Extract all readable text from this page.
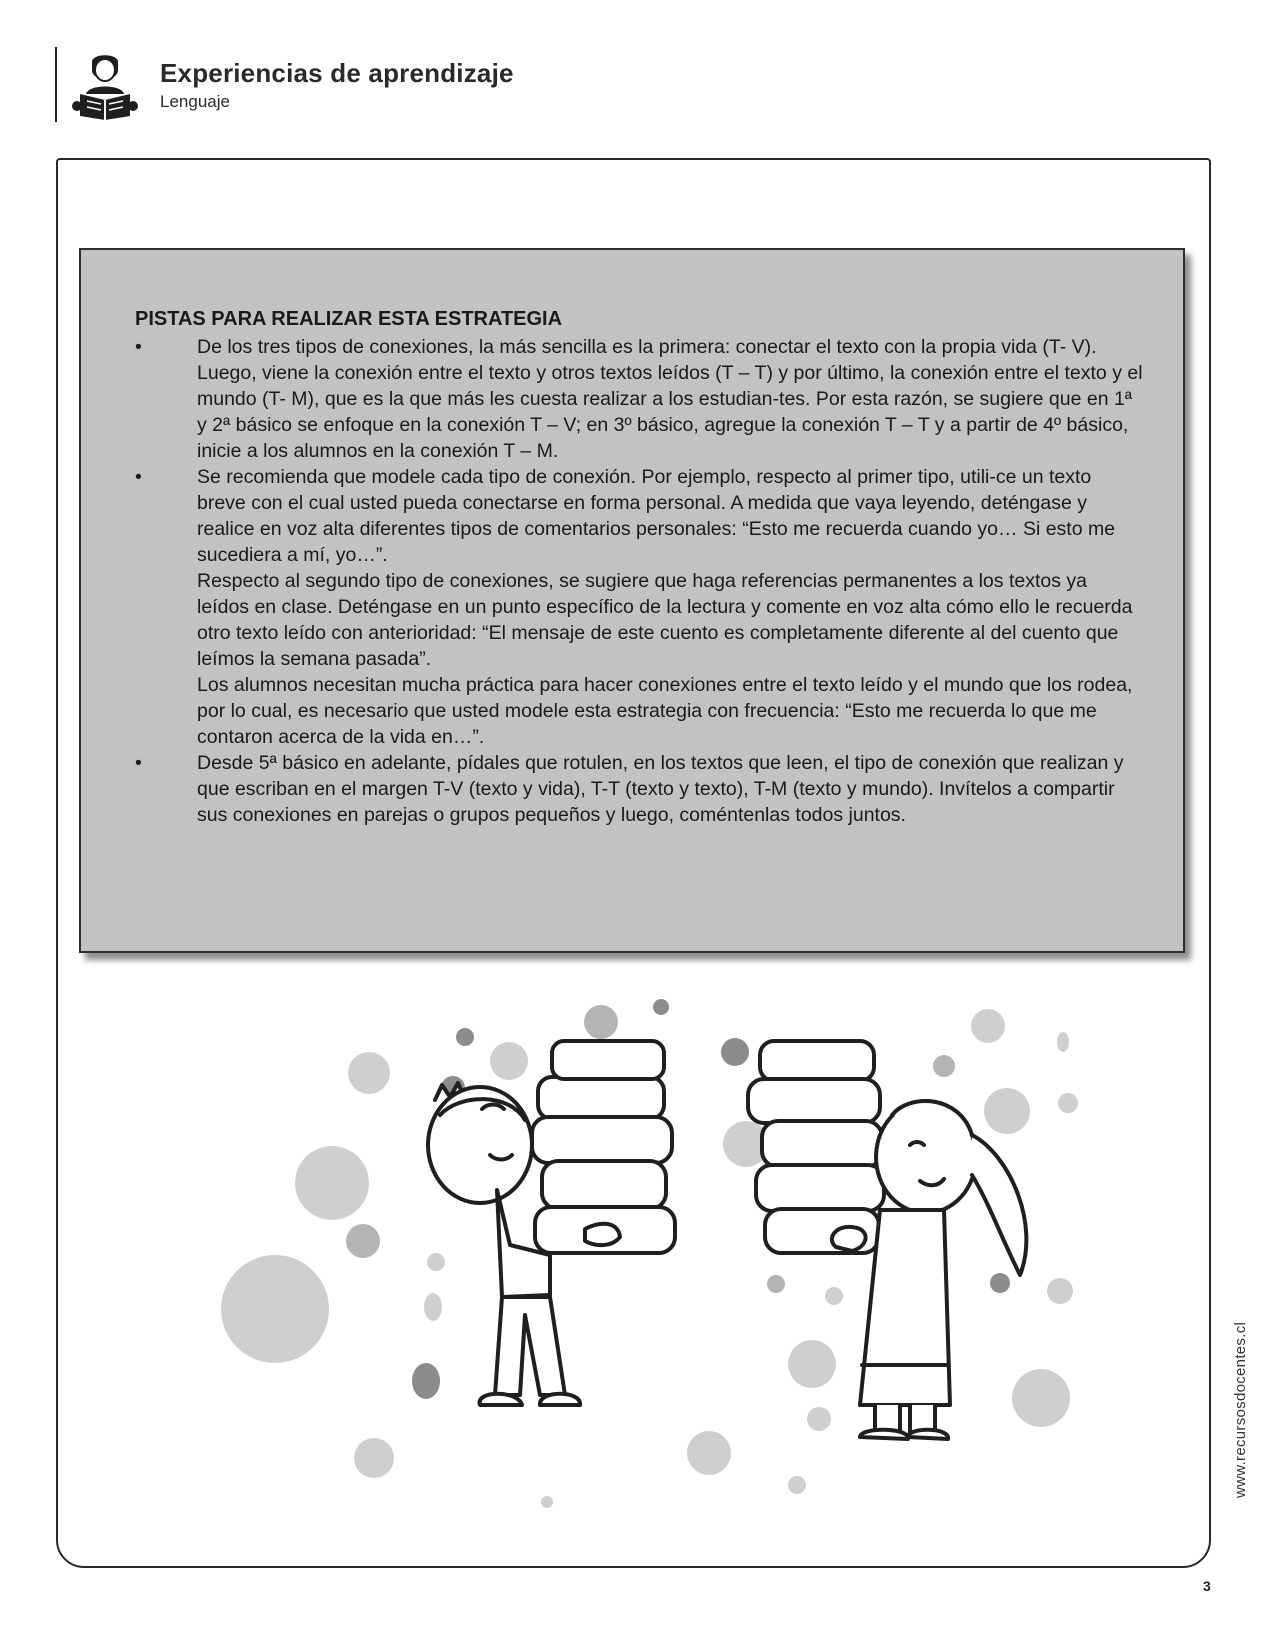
Experiencias de aprendizaje
Lenguaje
PISTAS PARA REALIZAR ESTA ESTRATEGIA
•	De los tres tipos de conexiones, la más sencilla es la primera: conectar el texto con la propia vida (T- V). Luego, viene la conexión entre el texto y otros textos leídos (T – T) y por último, la conexión entre el texto y el mundo (T- M), que es la que más les cuesta realizar a los estudian-tes. Por esta razón, se sugiere que en 1ª y 2ª básico se enfoque en la conexión T – V; en 3º básico, agregue la conexión T – T y a partir de 4º básico, inicie a los alumnos en la conexión T – M.

•	Se recomienda que modele cada tipo de conexión. Por ejemplo, respecto al primer tipo, utili-ce un texto breve con el cual usted pueda conectarse en forma personal. A medida que vaya leyendo, deténgase y realice en voz alta diferentes tipos de comentarios personales: “Esto me recuerda cuando yo… Si esto me sucediera a mí, yo…”.

Respecto al segundo tipo de conexiones, se sugiere que haga referencias permanentes a los textos ya leídos en clase. Deténgase en un punto específico de la lectura y comente en voz alta cómo ello le recuerda otro texto leído con anterioridad: “El mensaje de este cuento es completamente diferente al del cuento que leímos la semana pasada”.

Los alumnos necesitan mucha práctica para hacer conexiones entre el texto leído y el mundo que los rodea, por lo cual, es necesario que usted modele esta estrategia con frecuencia: “Esto me recuerda lo que me contaron acerca de la vida en…”.

•	Desde 5ª básico en adelante, pídales que rotulen, en los textos que leen, el tipo de conexión que realizan y que escriban en el margen T-V (texto y vida), T-T (texto y texto), T-M (texto y mundo). Invítelos a compartir sus conexiones en parejas o grupos pequeños y luego, coméntenlas todos juntos.

www.recursosdocentes.cl
3
